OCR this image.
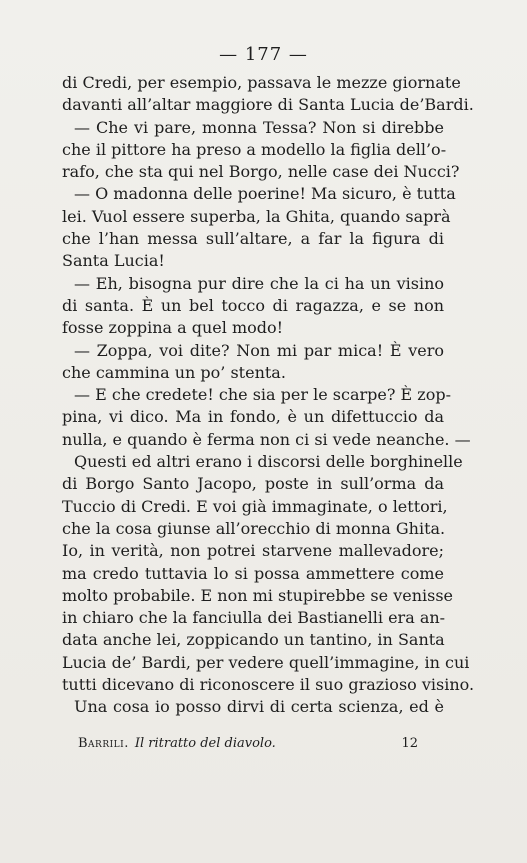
— 177 —
di Credi, per esempio, passava le mezze giornate
davanti all’altar maggiore di Santa Lucia de’Bardi.
— Che vi pare, monna Tessa? Non si direbbe
che il pittore ha preso a modello la figlia dell’o-
rafo, che sta qui nel Borgo, nelle case dei Nucci?
— O madonna delle poerine! Ma sicuro, è tutta
lei. Vuol essere superba, la Ghita, quando saprà
che l’han messa sull’altare, a far la figura di
Santa Lucia!
— Eh, bisogna pur dire che la ci ha un visino
di santa. È un bel tocco di ragazza, e se non
fosse zoppina a quel modo!
— Zoppa, voi dite? Non mi par mica! È vero
che cammina un po’ stenta.
— E che credete! che sia per le scarpe? È zop-
pina, vi dico. Ma in fondo, è un difettuccio da
nulla, e quando è ferma non ci si vede neanche. —
Questi ed altri erano i discorsi delle borghinelle
di Borgo Santo Jacopo, poste in sull’orma da
Tuccio di Credi. E voi già immaginate, o lettori,
che la cosa giunse all’orecchio di monna Ghita.
Io, in verità, non potrei starvene mallevadore;
ma credo tuttavia lo si possa ammettere come
molto probabile. E non mi stupirebbe se venisse
in chiaro che la fanciulla dei Bastianelli era an-
data anche lei, zoppicando un tantino, in Santa
Lucia de’ Bardi, per vedere quell’immagine, in cui
tutti dicevano di riconoscere il suo grazioso visino.
Una cosa io posso dirvi di certa scienza, ed è
Barrili. Il ritratto del diavolo.	12
